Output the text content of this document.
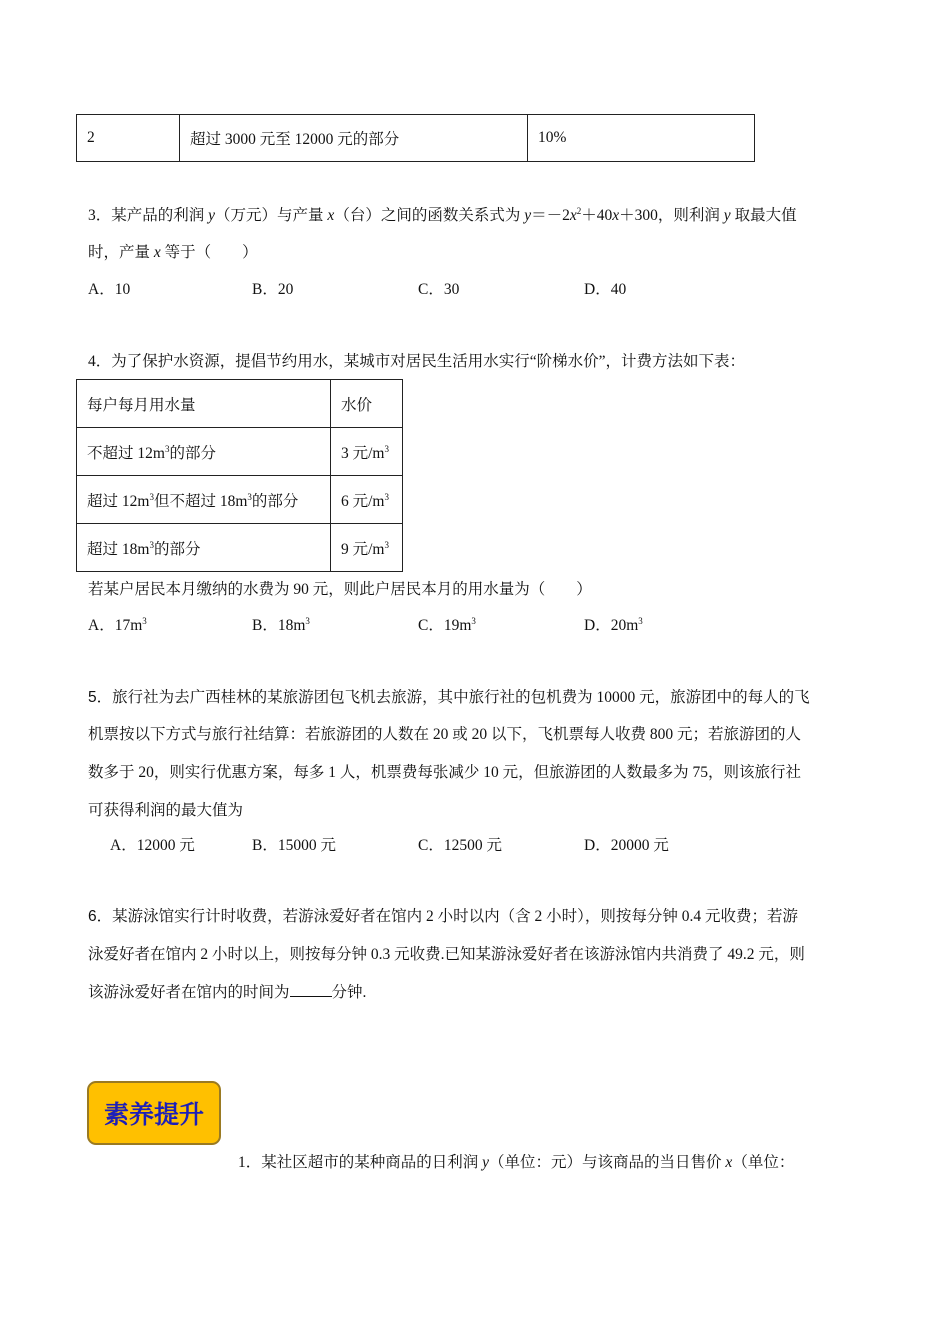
2	超过 3000 元至 12000 元的部分	10%
3．某产品的利润 y（万元）与产量 x（台）之间的函数关系式为 $y=-2x^2+40x+300$，则利润 y 取最大值
时，产量 x 等于（　　）
A．10	B．20	C．30	D．40
4．为了保护水资源，提倡节约用水，某城市对居民生活用水实行“阶梯水价”，计费方法如下表：
每户每月用水量	水价
不超过 $12m^3$的部分	3 元$/m^3$
超过 $12m^3$但不超过 $18m^3$的部分	6 元$/m^3$
超过 $18m^3$的部分	9 元$/m^3$
若某户居民本月缴纳的水费为 90 元，则此户居民本月的用水量为（　　）
A．$17m^3$	B．$18m^3$	C．$19m^3$	D．$20m^3$
5．旅行社为去广西桂林的某旅游团包飞机去旅游，其中旅行社的包机费为 10000 元，旅游团中的每人的飞
机票按以下方式与旅行社结算：若旅游团的人数在 20 或 20 以下，飞机票每人收费 800 元；若旅游团的人
数多于 20，则实行优惠方案，每多 1 人，机票费每张减少 10 元，但旅游团的人数最多为 75，则该旅行社
可获得利润的最大值为
A．12000 元	B．15000 元	C．12500 元	D．20000 元
6．某游泳馆实行计时收费，若游泳爱好者在馆内 2 小时以内（含 2 小时），则按每分钟 0.4 元收费；若游
泳爱好者在馆内 2 小时以上，则按每分钟 0.3 元收费.已知某游泳爱好者在该游泳馆内共消费了 49.2 元，则
该游泳爱好者在馆内的时间为	分钟.
素养提升
1．某社区超市的某种商品的日利润 y（单位：元）与该商品的当日售价 x（单位：
